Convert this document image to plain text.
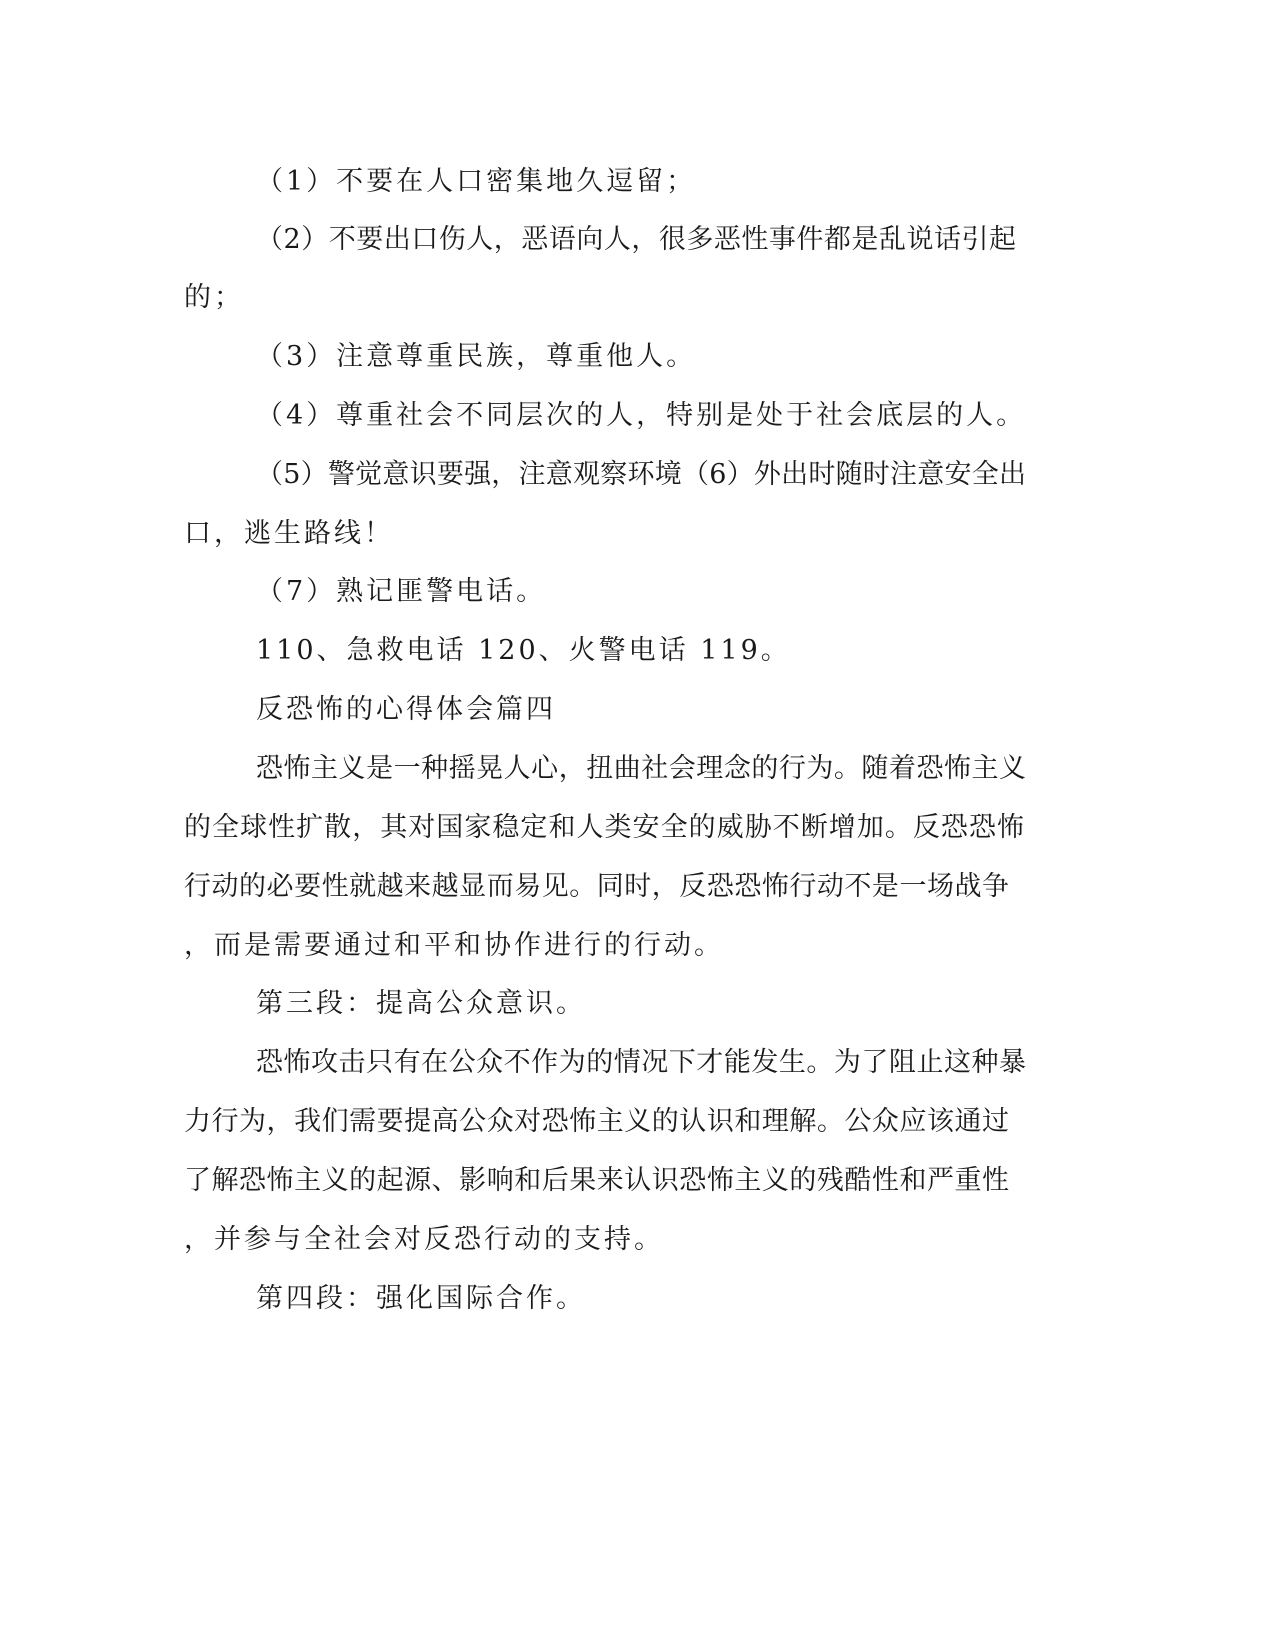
（1）不要在人口密集地久逗留；
（2）不要出口伤人，恶语向人，很多恶性事件都是乱说话引起
的；
（3）注意尊重民族，尊重他人。
（4）尊重社会不同层次的人，特别是处于社会底层的人。
（5）警觉意识要强，注意观察环境（6）外出时随时注意安全出
口，逃生路线！
（7）熟记匪警电话。
110、急救电话 120、火警电话 119。
反恐怖的心得体会篇四
恐怖主义是一种摇晃人心，扭曲社会理念的行为。随着恐怖主义
的全球性扩散，其对国家稳定和人类安全的威胁不断增加。反恐恐怖
行动的必要性就越来越显而易见。同时，反恐恐怖行动不是一场战争
，而是需要通过和平和协作进行的行动。
第三段：提高公众意识。
恐怖攻击只有在公众不作为的情况下才能发生。为了阻止这种暴
力行为，我们需要提高公众对恐怖主义的认识和理解。公众应该通过
了解恐怖主义的起源、影响和后果来认识恐怖主义的残酷性和严重性
，并参与全社会对反恐行动的支持。
第四段：强化国际合作。
